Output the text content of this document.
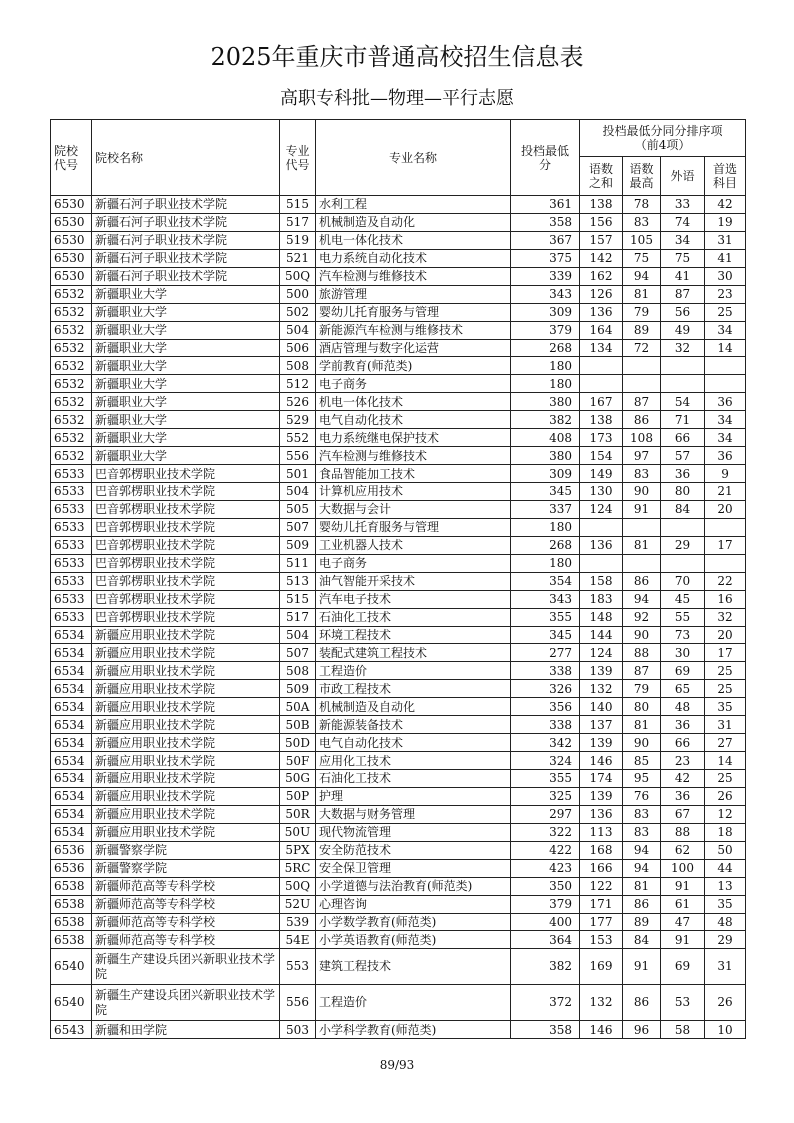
2025年重庆市普通高校招生信息表
高职专科批—物理—平行志愿
院校代号	院校名称	专业代号	专业名称	投档最低分	投档最低分同分排序项（前4项）			
					语数之和	语数最高	外语	首选科目
6530	新疆石河子职业技术学院	515	水利工程	361	138	78	33	42
6530	新疆石河子职业技术学院	517	机械制造及自动化	358	156	83	74	19
6530	新疆石河子职业技术学院	519	机电一体化技术	367	157	105	34	31
6530	新疆石河子职业技术学院	521	电力系统自动化技术	375	142	75	75	41
6530	新疆石河子职业技术学院	50Q	汽车检测与维修技术	339	162	94	41	30
6532	新疆职业大学	500	旅游管理	343	126	81	87	23
6532	新疆职业大学	502	婴幼儿托育服务与管理	309	136	79	56	25
6532	新疆职业大学	504	新能源汽车检测与维修技术	379	164	89	49	34
6532	新疆职业大学	506	酒店管理与数字化运营	268	134	72	32	14
6532	新疆职业大学	508	学前教育(师范类)	180				
6532	新疆职业大学	512	电子商务	180				
6532	新疆职业大学	526	机电一体化技术	380	167	87	54	36
6532	新疆职业大学	529	电气自动化技术	382	138	86	71	34
6532	新疆职业大学	552	电力系统继电保护技术	408	173	108	66	34
6532	新疆职业大学	556	汽车检测与维修技术	380	154	97	57	36
6533	巴音郭楞职业技术学院	501	食品智能加工技术	309	149	83	36	9
6533	巴音郭楞职业技术学院	504	计算机应用技术	345	130	90	80	21
6533	巴音郭楞职业技术学院	505	大数据与会计	337	124	91	84	20
6533	巴音郭楞职业技术学院	507	婴幼儿托育服务与管理	180				
6533	巴音郭楞职业技术学院	509	工业机器人技术	268	136	81	29	17
6533	巴音郭楞职业技术学院	511	电子商务	180				
6533	巴音郭楞职业技术学院	513	油气智能开采技术	354	158	86	70	22
6533	巴音郭楞职业技术学院	515	汽车电子技术	343	183	94	45	16
6533	巴音郭楞职业技术学院	517	石油化工技术	355	148	92	55	32
6534	新疆应用职业技术学院	504	环境工程技术	345	144	90	73	20
6534	新疆应用职业技术学院	507	装配式建筑工程技术	277	124	88	30	17
6534	新疆应用职业技术学院	508	工程造价	338	139	87	69	25
6534	新疆应用职业技术学院	509	市政工程技术	326	132	79	65	25
6534	新疆应用职业技术学院	50A	机械制造及自动化	356	140	80	48	35
6534	新疆应用职业技术学院	50B	新能源装备技术	338	137	81	36	31
6534	新疆应用职业技术学院	50D	电气自动化技术	342	139	90	66	27
6534	新疆应用职业技术学院	50F	应用化工技术	324	146	85	23	14
6534	新疆应用职业技术学院	50G	石油化工技术	355	174	95	42	25
6534	新疆应用职业技术学院	50P	护理	325	139	76	36	26
6534	新疆应用职业技术学院	50R	大数据与财务管理	297	136	83	67	12
6534	新疆应用职业技术学院	50U	现代物流管理	322	113	83	88	18
6536	新疆警察学院	5PX	安全防范技术	422	168	94	62	50
6536	新疆警察学院	5RC	安全保卫管理	423	166	94	100	44
6538	新疆师范高等专科学校	50Q	小学道德与法治教育(师范类)	350	122	81	91	13
6538	新疆师范高等专科学校	52U	心理咨询	379	171	86	61	35
6538	新疆师范高等专科学校	539	小学数学教育(师范类)	400	177	89	47	48
6538	新疆师范高等专科学校	54E	小学英语教育(师范类)	364	153	84	91	29
6540	新疆生产建设兵团兴新职业技术学院	553	建筑工程技术	382	169	91	69	31
6540	新疆生产建设兵团兴新职业技术学院	556	工程造价	372	132	86	53	26
6543	新疆和田学院	503	小学科学教育(师范类)	358	146	96	58	10
89/93
